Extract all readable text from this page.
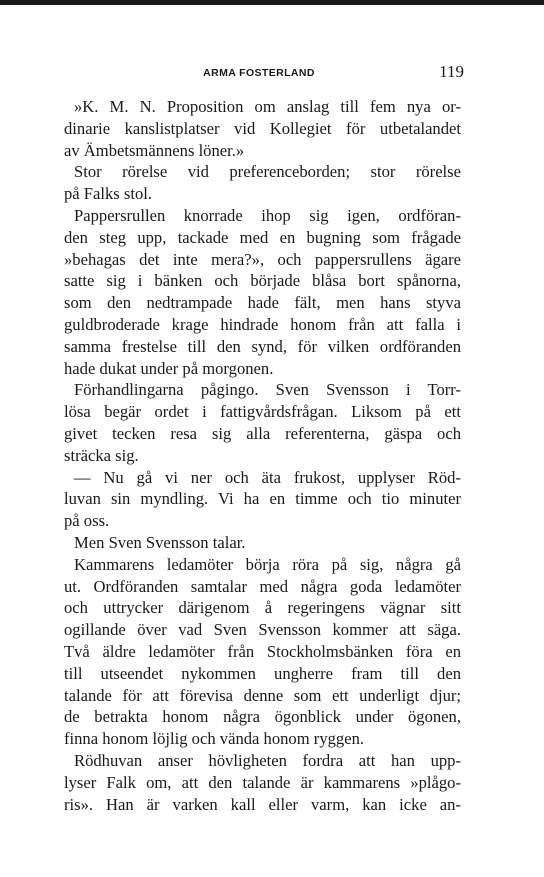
ARMA FOSTERLAND	119
»K. M. N. Proposition om anslag till fem nya or-
dinarie kanslistplatser vid Kollegiet för utbetalandet
av Ämbetsmännens löner.»
Stor rörelse vid preferenceborden; stor rörelse
på Falks stol.
Pappersrullen knorrade ihop sig igen, ordföran-
den steg upp, tackade med en bugning som frågade
»behagas det inte mera?», och pappersrullens ägare
satte sig i bänken och började blåsa bort spånorna,
som den nedtrampade hade fält, men hans styva
guldbroderade krage hindrade honom från att falla i
samma frestelse till den synd, för vilken ordföranden
hade dukat under på morgonen.
Förhandlingarna pågingo. Sven Svensson i Torr-
lösa begär ordet i fattigvårdsfrågan. Liksom på ett
givet tecken resa sig alla referenterna, gäspa och
sträcka sig.
— Nu gå vi ner och äta frukost, upplyser Röd-
luvan sin myndling. Vi ha en timme och tio minuter
på oss.
Men Sven Svensson talar.
Kammarens ledamöter börja röra på sig, några gå
ut. Ordföranden samtalar med några goda ledamöter
och uttrycker därigenom å regeringens vägnar sitt
ogillande över vad Sven Svensson kommer att säga.
Två äldre ledamöter från Stockholmsbänken föra en
till utseendet nykommen ungherre fram till den
talande för att förevisa denne som ett underligt djur;
de betrakta honom några ögonblick under ögonen,
finna honom löjlig och vända honom ryggen.
Rödhuvan anser hövligheten fordra att han upp-
lyser Falk om, att den talande är kammarens »plågo-
ris». Han är varken kall eller varm, kan icke an-
